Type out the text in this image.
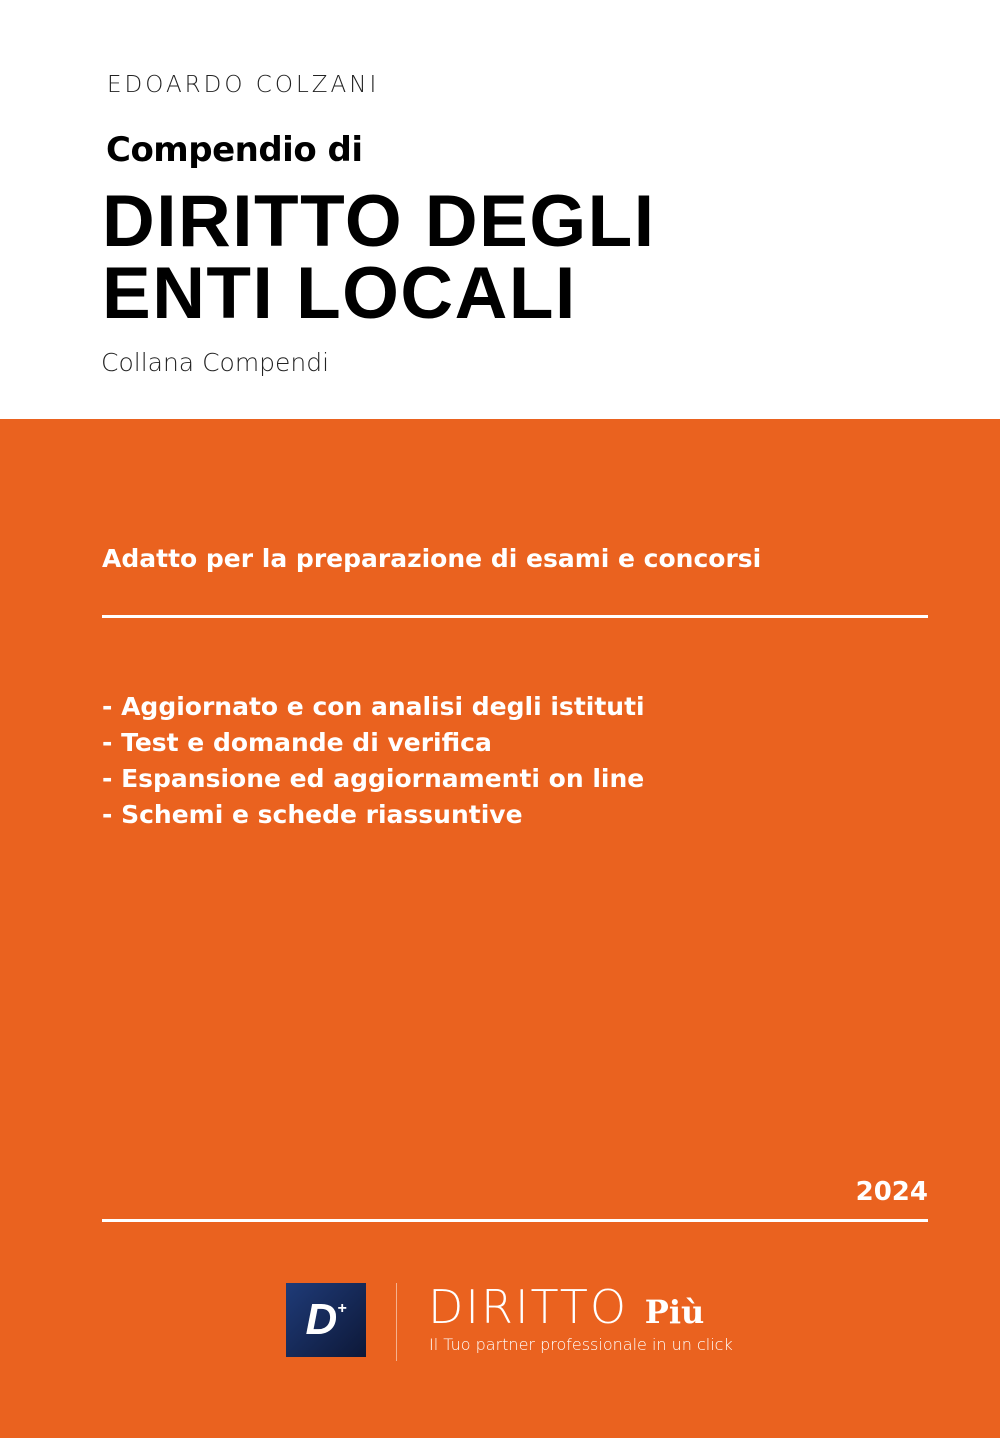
EDOARDO COLZANI
Compendio di
DIRITTO DEGLI
ENTI LOCALI
Collana Compendi
Adatto per la preparazione di esami e concorsi
- Aggiornato e con analisi degli istituti
- Test e domande di verifica
- Espansione ed aggiornamenti on line
- Schemi e schede riassuntive
2024
D+ DIRITTO Più
Il Tuo partner professionale in un click
